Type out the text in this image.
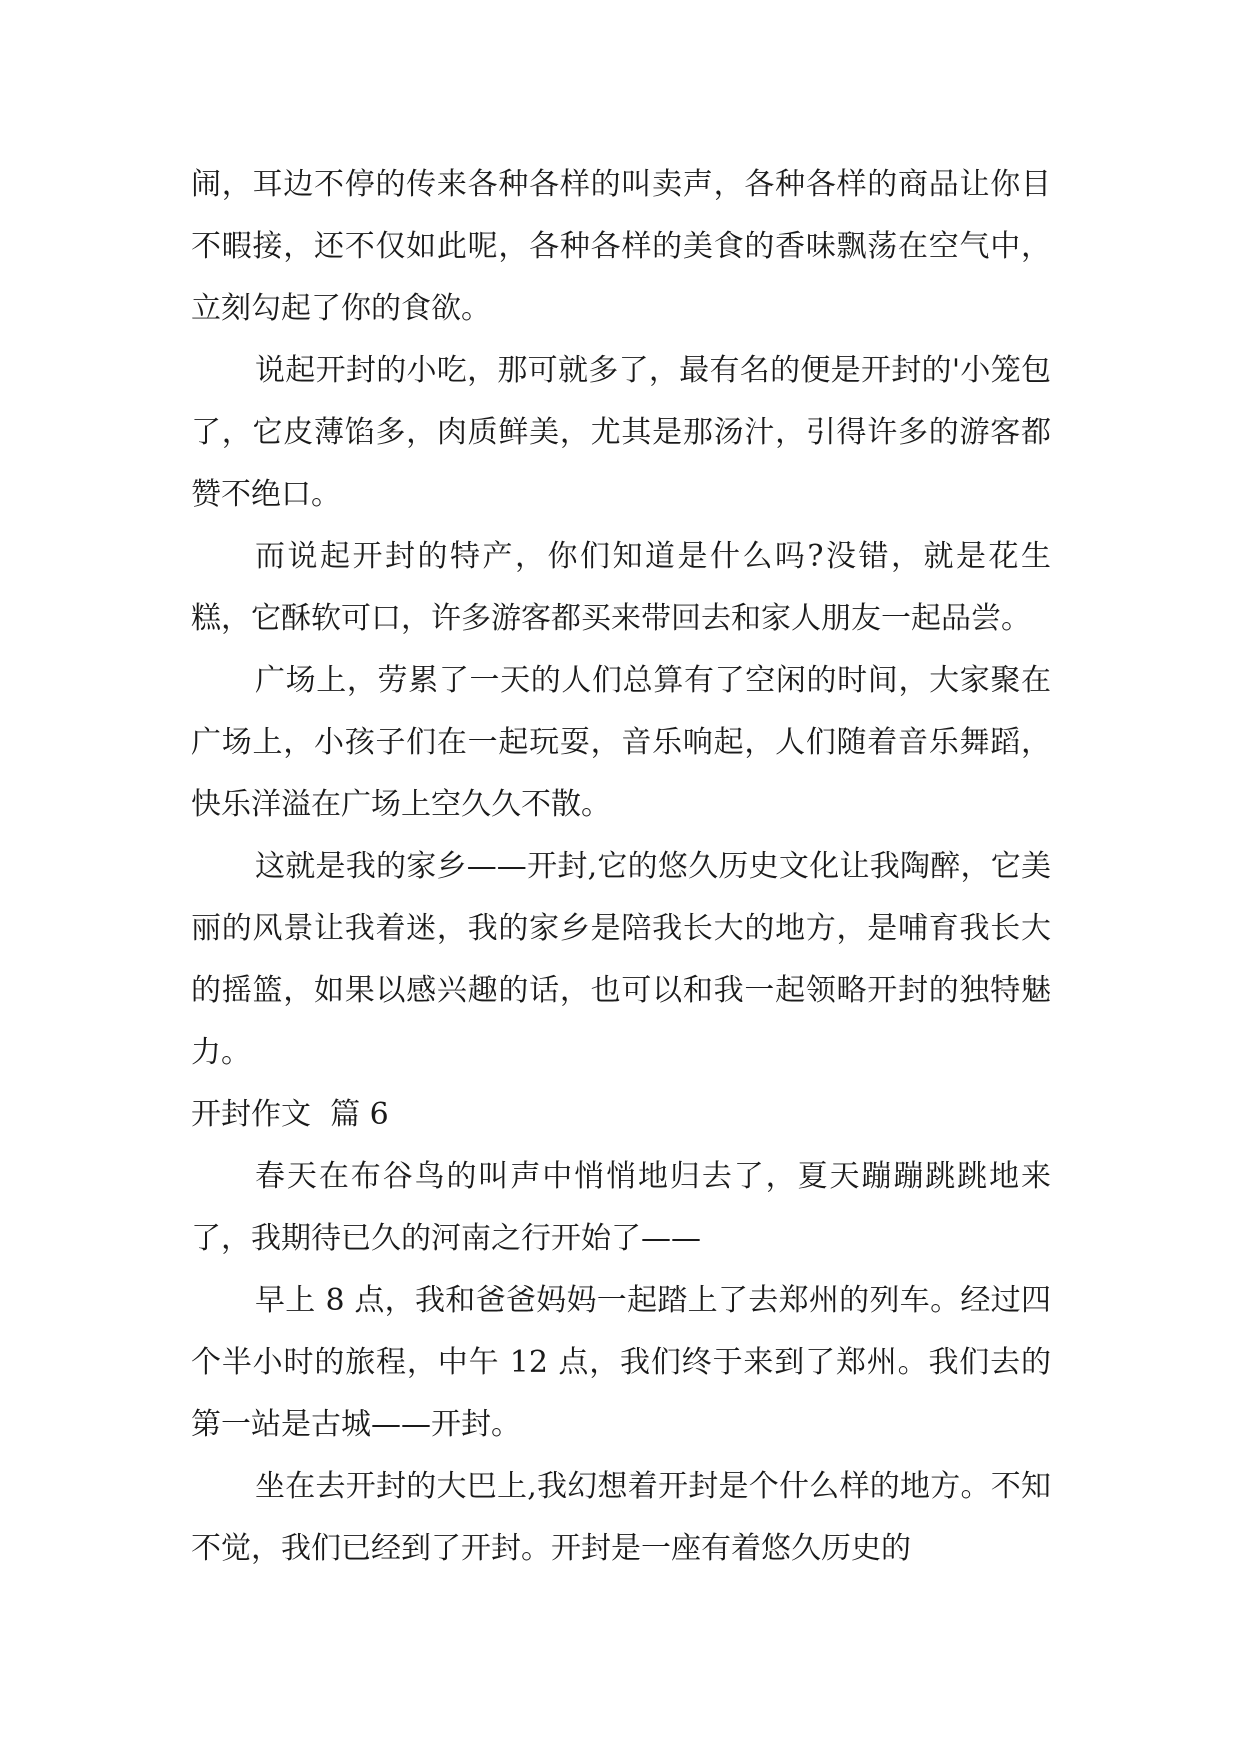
闹，耳边不停的传来各种各样的叫卖声，各种各样的商品让你目不暇接，还不仅如此呢，各种各样的美食的香味飘荡在空气中，立刻勾起了你的食欲。

说起开封的小吃，那可就多了，最有名的便是开封的'小笼包了，它皮薄馅多，肉质鲜美，尤其是那汤汁，引得许多的游客都赞不绝口。

而说起开封的特产，你们知道是什么吗?没错，就是花生糕，它酥软可口，许多游客都买来带回去和家人朋友一起品尝。

广场上，劳累了一天的人们总算有了空闲的时间，大家聚在广场上，小孩子们在一起玩耍，音乐响起，人们随着音乐舞蹈，快乐洋溢在广场上空久久不散。

这就是我的家乡——开封,它的悠久历史文化让我陶醉，它美丽的风景让我着迷，我的家乡是陪我长大的地方，是哺育我长大的摇篮，如果以感兴趣的话，也可以和我一起领略开封的独特魅力。

开封作文  篇 6

春天在布谷鸟的叫声中悄悄地归去了，夏天蹦蹦跳跳地来了，我期待已久的河南之行开始了——

早上 8 点，我和爸爸妈妈一起踏上了去郑州的列车。经过四个半小时的旅程，中午 12 点，我们终于来到了郑州。我们去的第一站是古城——开封。

坐在去开封的大巴上,我幻想着开封是个什么样的地方。不知不觉，我们已经到了开封。开封是一座有着悠久历史的
